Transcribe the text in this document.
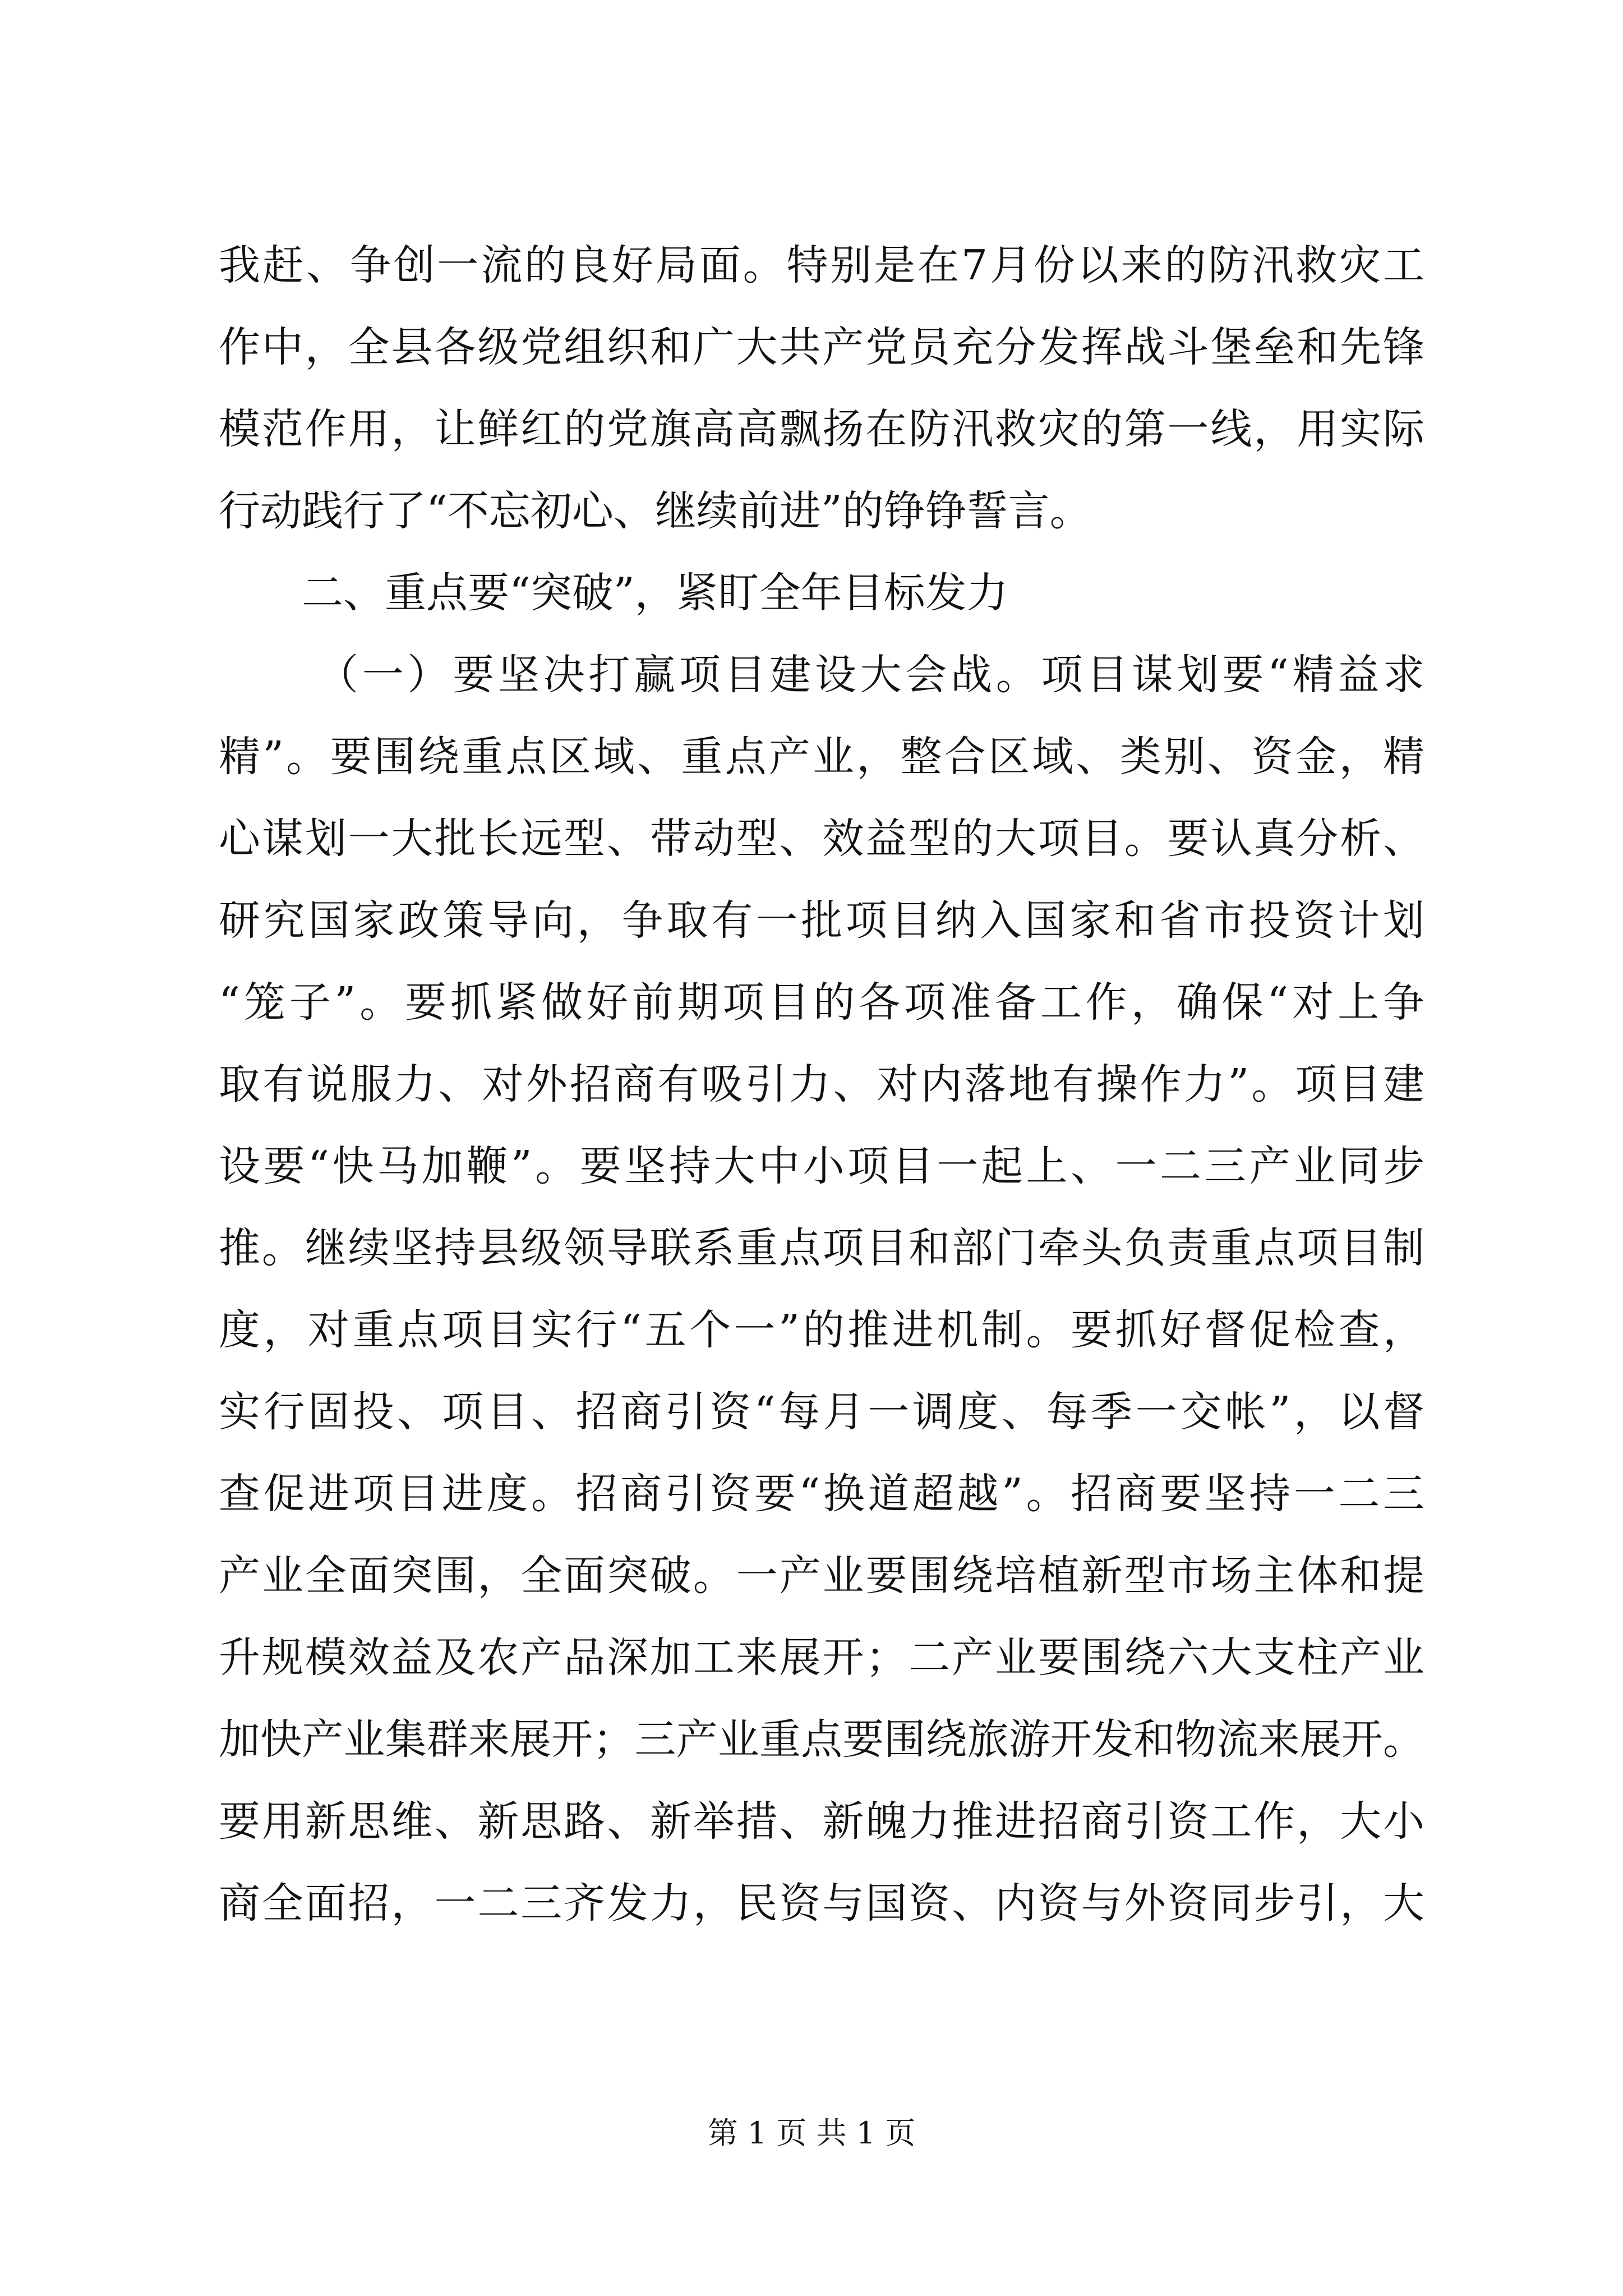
我赶、争创一流的良好局面。特别是在7月份以来的防汛救灾工
作中，全县各级党组织和广大共产党员充分发挥战斗堡垒和先锋
模范作用，让鲜红的党旗高高飘扬在防汛救灾的第一线，用实际
行动践行了“不忘初心、继续前进”的铮铮誓言。
二、重点要“突破”，紧盯全年目标发力
（一）要坚决打赢项目建设大会战。项目谋划要“精益求
精”。要围绕重点区域、重点产业，整合区域、类别、资金，精
心谋划一大批长远型、带动型、效益型的大项目。要认真分析、
研究国家政策导向，争取有一批项目纳入国家和省市投资计划
“笼子”。要抓紧做好前期项目的各项准备工作，确保“对上争
取有说服力、对外招商有吸引力、对内落地有操作力”。项目建
设要“快马加鞭”。要坚持大中小项目一起上、一二三产业同步
推。继续坚持县级领导联系重点项目和部门牵头负责重点项目制
度，对重点项目实行“五个一”的推进机制。要抓好督促检查，
实行固投、项目、招商引资“每月一调度、每季一交帐”，以督
查促进项目进度。招商引资要“换道超越”。招商要坚持一二三
产业全面突围，全面突破。一产业要围绕培植新型市场主体和提
升规模效益及农产品深加工来展开；二产业要围绕六大支柱产业
加快产业集群来展开；三产业重点要围绕旅游开发和物流来展开。
要用新思维、新思路、新举措、新魄力推进招商引资工作，大小
商全面招，一二三齐发力，民资与国资、内资与外资同步引，大
第 1 页 共 1 页
